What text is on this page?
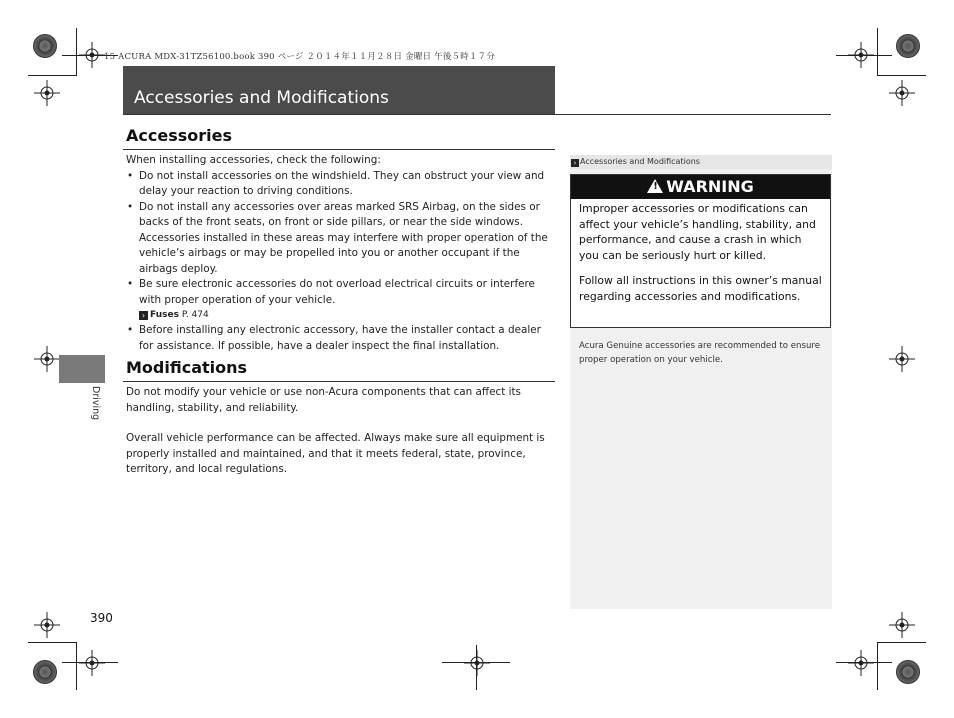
15 ACURA MDX-31TZ56100.book 390 ページ ２０１４年１１月２８日 金曜日 午後５時１７分
Accessories and Modifications
Driving
Accessories

When installing accessories, check the following:

• Do not install accessories on the windshield. They can obstruct your view and delay your reaction to driving conditions.
• Do not install any accessories over areas marked SRS Airbag, on the sides or backs of the front seats, on front or side pillars, or near the side windows. Accessories installed in these areas may interfere with proper operation of the vehicle’s airbags or may be propelled into you or another occupant if the airbags deploy.
• Be sure electronic accessories do not overload electrical circuits or interfere with proper operation of your vehicle.
› Fuses P. 474
• Before installing any electronic accessory, have the installer contact a dealer for assistance. If possible, have a dealer inspect the final installation.
Modifications

Do not modify your vehicle or use non-Acura components that can affect its handling, stability, and reliability.

Overall vehicle performance can be affected. Always make sure all equipment is properly installed and maintained, and that it meets federal, state, province, territory, and local regulations.

› Accessories and Modifications
!WARNING

Improper accessories or modifications can affect your vehicle’s handling, stability, and performance, and cause a crash in which you can be seriously hurt or killed.

Follow all instructions in this owner’s manual regarding accessories and modifications.

Acura Genuine accessories are recommended to ensure proper operation on your vehicle.
390
